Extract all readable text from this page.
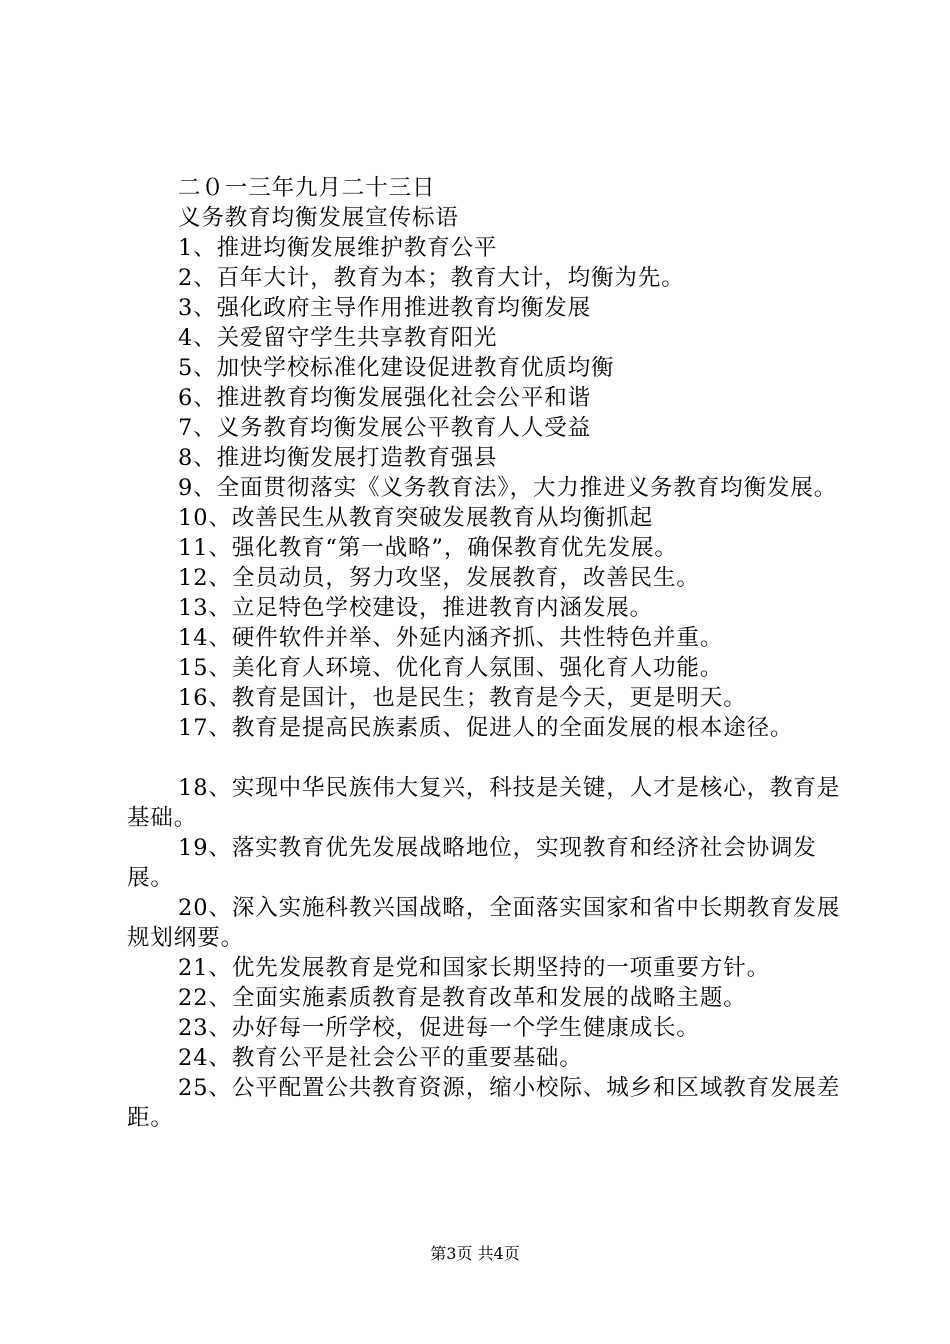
二０一三年九月二十三日
义务教育均衡发展宣传标语
1、推进均衡发展维护教育公平
2、百年大计，教育为本；教育大计，均衡为先。
3、强化政府主导作用推进教育均衡发展
4、关爱留守学生共享教育阳光
5、加快学校标准化建设促进教育优质均衡
6、推进教育均衡发展强化社会公平和谐
7、义务教育均衡发展公平教育人人受益
8、推进均衡发展打造教育强县
9、全面贯彻落实《义务教育法》，大力推进义务教育均衡发展。
10、改善民生从教育突破发展教育从均衡抓起
11、强化教育“第一战略”，确保教育优先发展。
12、全员动员，努力攻坚，发展教育，改善民生。
13、立足特色学校建设，推进教育内涵发展。
14、硬件软件并举、外延内涵齐抓、共性特色并重。
15、美化育人环境、优化育人氛围、强化育人功能。
16、教育是国计，也是民生；教育是今天，更是明天。
17、教育是提高民族素质、促进人的全面发展的根本途径。
18、实现中华民族伟大复兴，科技是关键，人才是核心，教育是基础。
19、落实教育优先发展战略地位，实现教育和经济社会协调发展。
20、深入实施科教兴国战略，全面落实国家和省中长期教育发展规划纲要。
21、优先发展教育是党和国家长期坚持的一项重要方针。
22、全面实施素质教育是教育改革和发展的战略主题。
23、办好每一所学校，促进每一个学生健康成长。
24、教育公平是社会公平的重要基础。
25、公平配置公共教育资源，缩小校际、城乡和区域教育发展差距。
第3页 共4页
